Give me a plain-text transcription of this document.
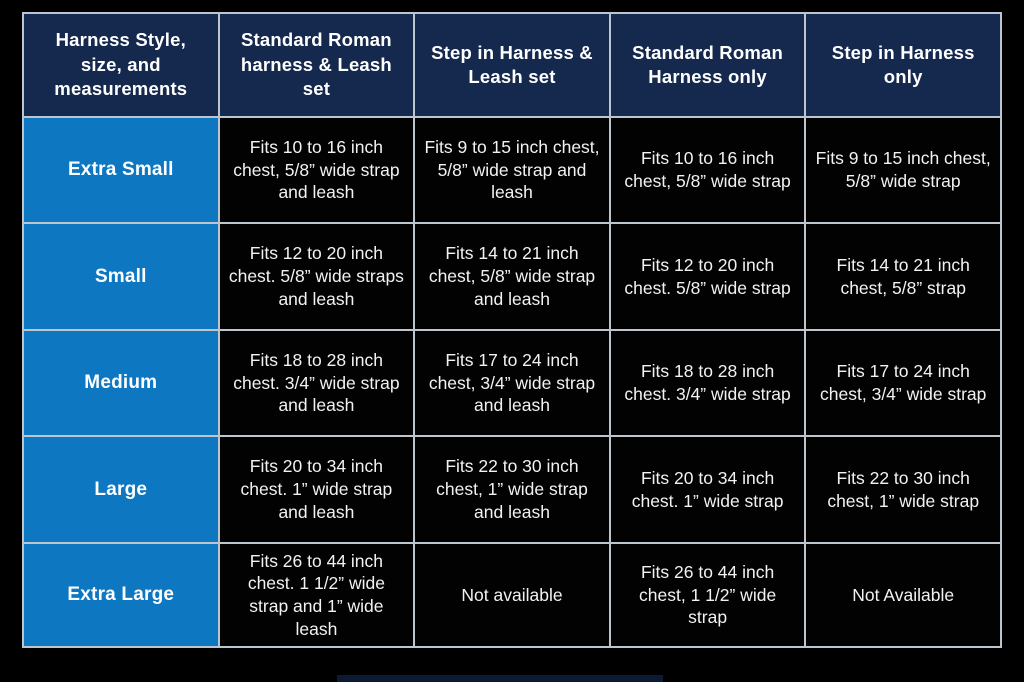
Harness Style, size, and measurements
Standard Roman harness & Leash set
Step in Harness & Leash set
Standard Roman Harness only
Step in Harness only
Extra Small
Fits 10 to 16 inch chest, 5/8” wide strap and leash
Fits 9 to 15 inch chest, 5/8” wide strap and leash
Fits 10 to 16 inch chest, 5/8” wide strap
Fits 9 to 15 inch chest, 5/8” wide strap
Small
Fits 12 to 20 inch chest. 5/8” wide straps and leash
Fits 14 to 21 inch chest, 5/8” wide strap and leash
Fits 12 to 20 inch chest. 5/8” wide strap
Fits 14 to 21 inch chest, 5/8” strap
Medium
Fits 18 to 28 inch chest. 3/4” wide strap and leash
Fits 17 to 24 inch chest, 3/4” wide strap and leash
Fits 18 to 28 inch chest. 3/4” wide strap
Fits 17 to 24 inch chest, 3/4” wide strap
Large
Fits 20 to 34 inch chest. 1” wide strap and leash
Fits 22 to 30 inch chest, 1” wide strap and leash
Fits 20 to 34 inch chest. 1” wide strap
Fits 22 to 30 inch chest, 1” wide strap
Extra Large
Fits 26 to 44 inch chest. 1 1/2” wide strap and 1” wide leash
Not available
Fits 26 to 44 inch chest, 1 1/2” wide strap
Not Available
